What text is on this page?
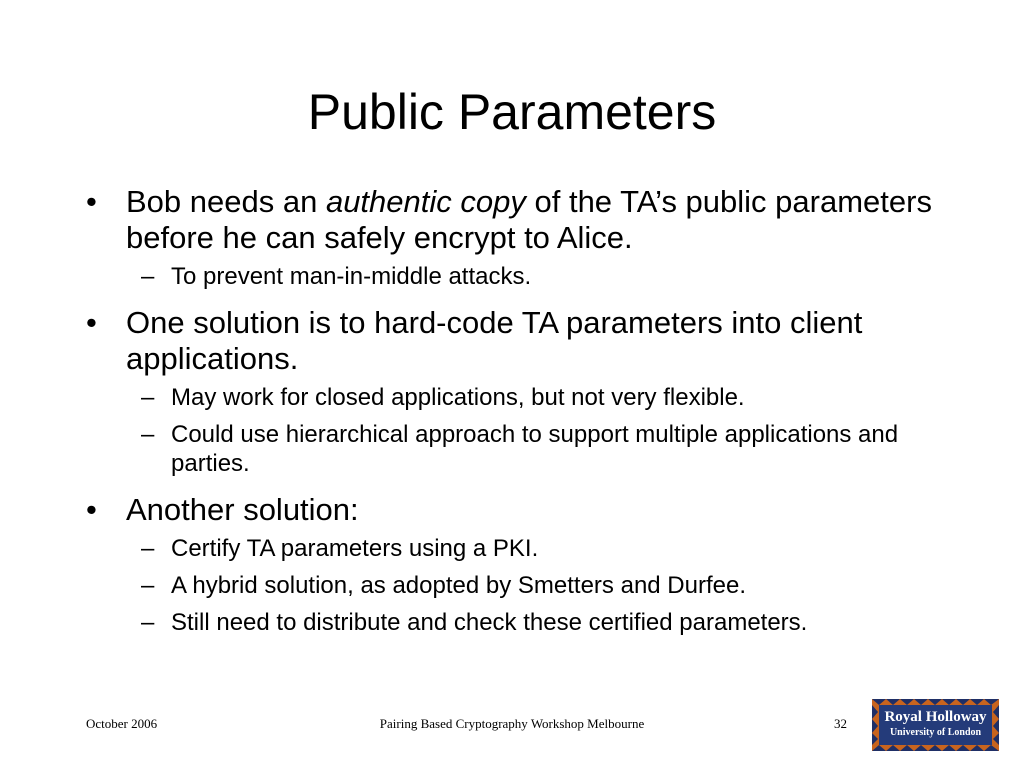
Public Parameters
• Bob needs an authentic copy of the TA’s public parameters before he can safely encrypt to Alice.
– To prevent man-in-middle attacks.
• One solution is to hard-code TA parameters into client applications.
– May work for closed applications, but not very flexible.
– Could use hierarchical approach to support multiple applications and parties.
• Another solution:
– Certify TA parameters using a PKI.
– A hybrid solution, as adopted by Smetters and Durfee.
– Still need to distribute and check these certified parameters.
October 2006	Pairing Based Cryptography Workshop Melbourne	32	Royal Holloway
University of London
